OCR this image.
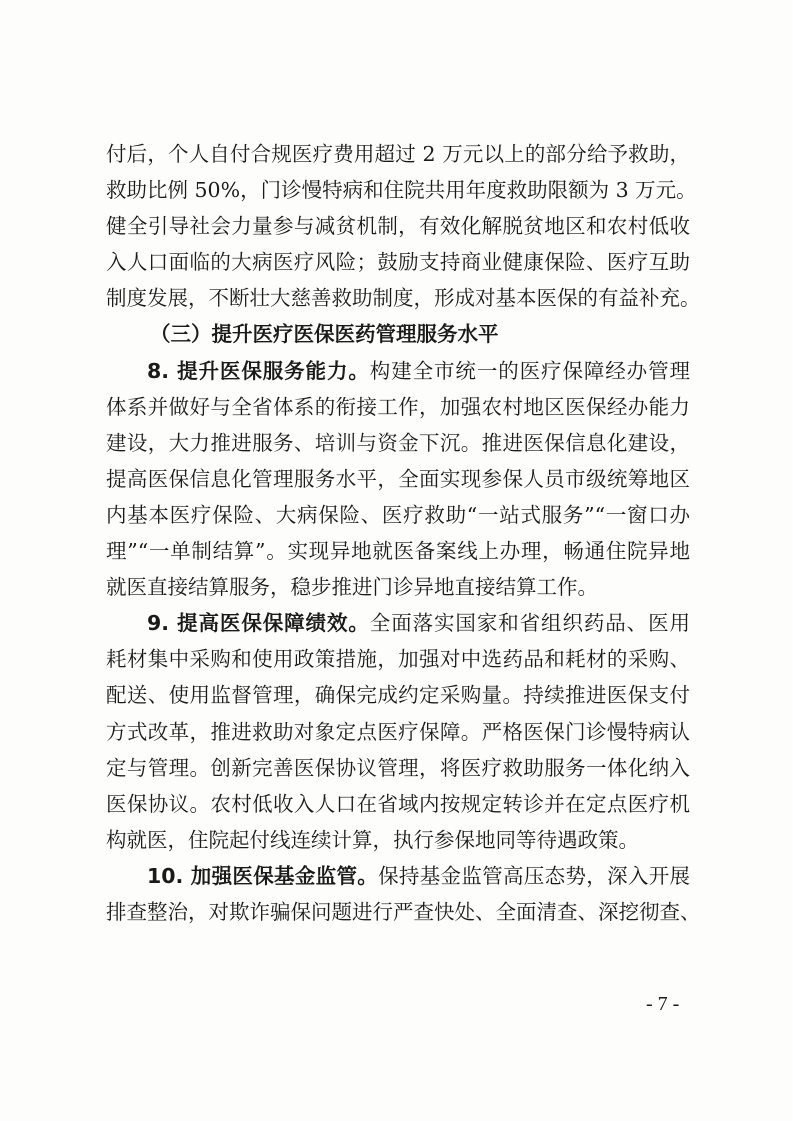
付后，个人自付合规医疗费用超过 2 万元以上的部分给予救助，
救助比例 50%，门诊慢特病和住院共用年度救助限额为 3 万元。
健全引导社会力量参与减贫机制，有效化解脱贫地区和农村低收
入人口面临的大病医疗风险；鼓励支持商业健康保险、医疗互助
制度发展，不断壮大慈善救助制度，形成对基本医保的有益补充。
（三）提升医疗医保医药管理服务水平
8. 提升医保服务能力。构建全市统一的医疗保障经办管理
体系并做好与全省体系的衔接工作，加强农村地区医保经办能力
建设，大力推进服务、培训与资金下沉。推进医保信息化建设，
提高医保信息化管理服务水平，全面实现参保人员市级统筹地区
内基本医疗保险、大病保险、医疗救助“一站式服务”“一窗口办
理”“一单制结算”。实现异地就医备案线上办理，畅通住院异地
就医直接结算服务，稳步推进门诊异地直接结算工作。
9. 提高医保保障绩效。全面落实国家和省组织药品、医用
耗材集中采购和使用政策措施，加强对中选药品和耗材的采购、
配送、使用监督管理，确保完成约定采购量。持续推进医保支付
方式改革，推进救助对象定点医疗保障。严格医保门诊慢特病认
定与管理。创新完善医保协议管理，将医疗救助服务一体化纳入
医保协议。农村低收入人口在省域内按规定转诊并在定点医疗机
构就医，住院起付线连续计算，执行参保地同等待遇政策。
10. 加强医保基金监管。保持基金监管高压态势，深入开展
排查整治，对欺诈骗保问题进行严查快处、全面清查、深挖彻查、
- 7 -
